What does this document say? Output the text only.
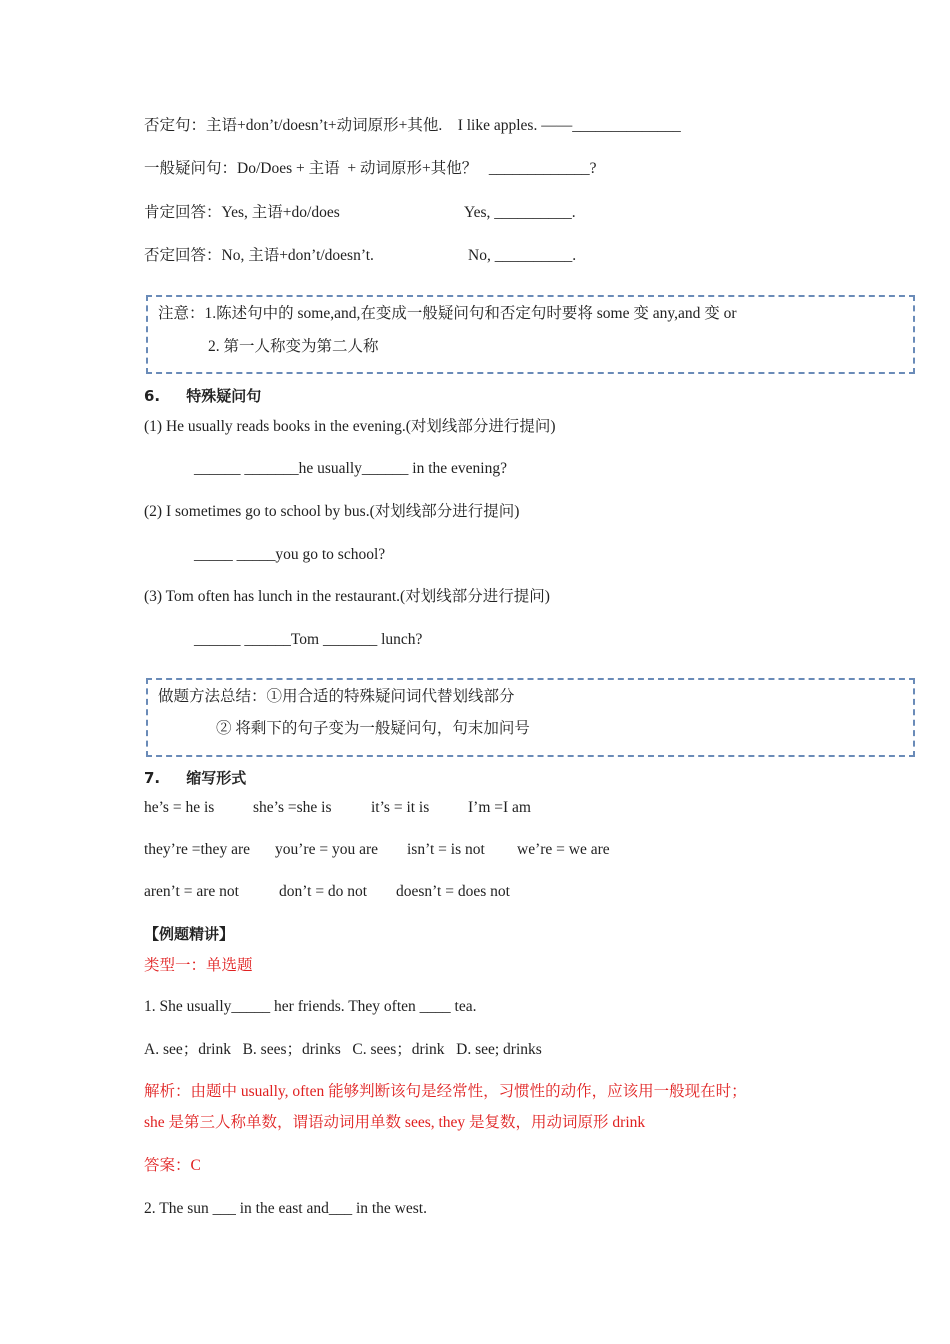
否定句：主语+don’t/doesn’t+动词原形+其他.    I like apples. ——______________
一般疑问句：Do/Does + 主语  + 动词原形+其他？   _____________?
肯定回答：Yes, 主语+do/does	Yes, __________.
否定回答：No, 主语+don’t/doesn’t.	No, __________.
注意：1.陈述句中的 some,and,在变成一般疑问句和否定句时要将 some 变 any,and 变 or
2. 第一人称变为第二人称
6.     特殊疑问句
(1) He usually reads books in the evening.(对划线部分进行提问)
______ _______he usually______ in the evening?
(2) I sometimes go to school by bus.(对划线部分进行提问)
_____ _____you go to school?
(3) Tom often has lunch in the restaurant.(对划线部分进行提问)
______ ______Tom _______ lunch?
做题方法总结：①用合适的特殊疑问词代替划线部分
② 将剩下的句子变为一般疑问句，句末加问号
7.     缩写形式
he’s = he is she’s =she is	it’s = it is I’m =I am
they’re =they are you’re = you are isn’t = is not we’re = we are
aren’t = are not	don’t = do not doesn’t = does not
【例题精讲】
类型一：单选题
1. She usually_____ her friends. They often ____ tea.
A. see；drink   B. sees；drinks   C. sees；drink   D. see; drinks
解析：由题中 usually, often 能够判断该句是经常性，习惯性的动作，应该用一般现在时；
she 是第三人称单数，谓语动词用单数 sees, they 是复数，用动词原形 drink
答案：C
2. The sun ___ in the east and___ in the west.
